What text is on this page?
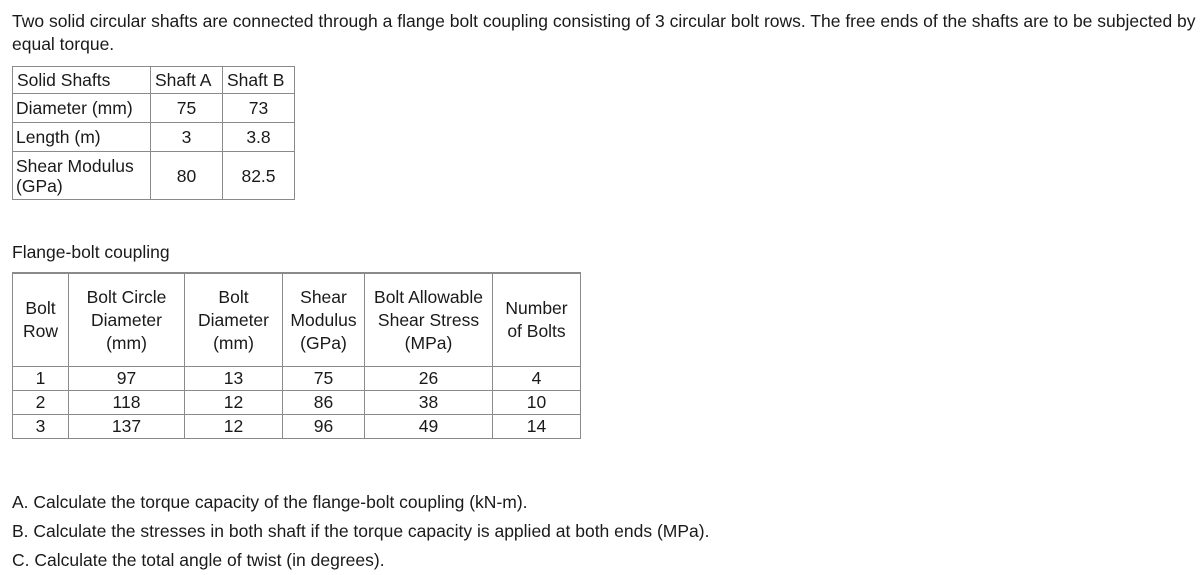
Two solid circular shafts are connected through a flange bolt coupling consisting of 3 circular bolt rows. The free ends of the shafts are to be subjected by equal torque.

Solid Shafts	Shaft A	Shaft B
Diameter (mm)	75	73
Length (m)	3	3.8
Shear Modulus (GPa)	80	82.5

Flange-bolt coupling

Bolt Row	Bolt Circle Diameter (mm)	Bolt Diameter (mm)	Shear Modulus (GPa)	Bolt Allowable Shear Stress (MPa)	Number of Bolts
1	97	13	75	26	4
2	118	12	86	38	10
3	137	12	96	49	14
A. Calculate the torque capacity of the flange-bolt coupling (kN-m).
B. Calculate the stresses in both shaft if the torque capacity is applied at both ends (MPa).
C. Calculate the total angle of twist (in degrees).
